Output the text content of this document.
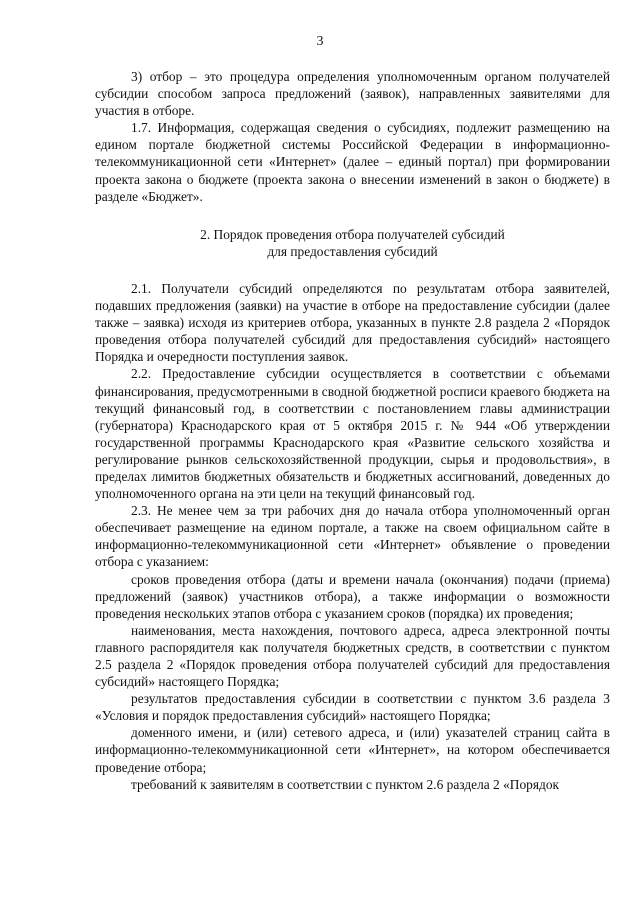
3

3) отбор – это процедура определения уполномоченным органом получателей субсидии способом запроса предложений (заявок), направленных заявителями для участия в отборе.

1.7. Информация, содержащая сведения о субсидиях, подлежит размещению на едином портале бюджетной системы Российской Федерации в информационно-телекоммуникационной сети «Интернет» (далее – единый портал) при формировании проекта закона о бюджете (проекта закона о внесении изменений в закон о бюджете) в разделе «Бюджет».

2. Порядок проведения отбора получателей субсидий
для предоставления субсидий

2.1. Получатели субсидий определяются по результатам отбора заявителей, подавших предложения (заявки) на участие в отборе на предоставление субсидии (далее также – заявка) исходя из критериев отбора, указанных в пункте 2.8 раздела 2 «Порядок проведения отбора получателей субсидий для предоставления субсидий» настоящего Порядка и очередности поступления заявок.

2.2. Предоставление субсидии осуществляется в соответствии с объемами финансирования, предусмотренными в сводной бюджетной росписи краевого бюджета на текущий финансовый год, в соответствии с постановлением главы администрации (губернатора) Краснодарского края от 5 октября 2015 г. № 944 «Об утверждении государственной программы Краснодарского края «Развитие сельского хозяйства и регулирование рынков сельскохозяйственной продукции, сырья и продовольствия», в пределах лимитов бюджетных обязательств и бюджетных ассигнований, доведенных до уполномоченного органа на эти цели на текущий финансовый год.

2.3. Не менее чем за три рабочих дня до начала отбора уполномоченный орган обеспечивает размещение на едином портале, а также на своем официальном сайте в информационно-телекоммуникационной сети «Интернет» объявление о проведении отбора с указанием:

сроков проведения отбора (даты и времени начала (окончания) подачи (приема) предложений (заявок) участников отбора), а также информации о возможности проведения нескольких этапов отбора с указанием сроков (порядка) их проведения;

наименования, места нахождения, почтового адреса, адреса электронной почты главного распорядителя как получателя бюджетных средств, в соответствии с пунктом 2.5 раздела 2 «Порядок проведения отбора получателей субсидий для предоставления субсидий» настоящего Порядка;

результатов предоставления субсидии в соответствии с пунктом 3.6 раздела 3 «Условия и порядок предоставления субсидий» настоящего Порядка;

доменного имени, и (или) сетевого адреса, и (или) указателей страниц сайта в информационно-телекоммуникационной сети «Интернет», на котором обеспечивается проведение отбора;

требований к заявителям в соответствии с пунктом 2.6 раздела 2 «Порядок
